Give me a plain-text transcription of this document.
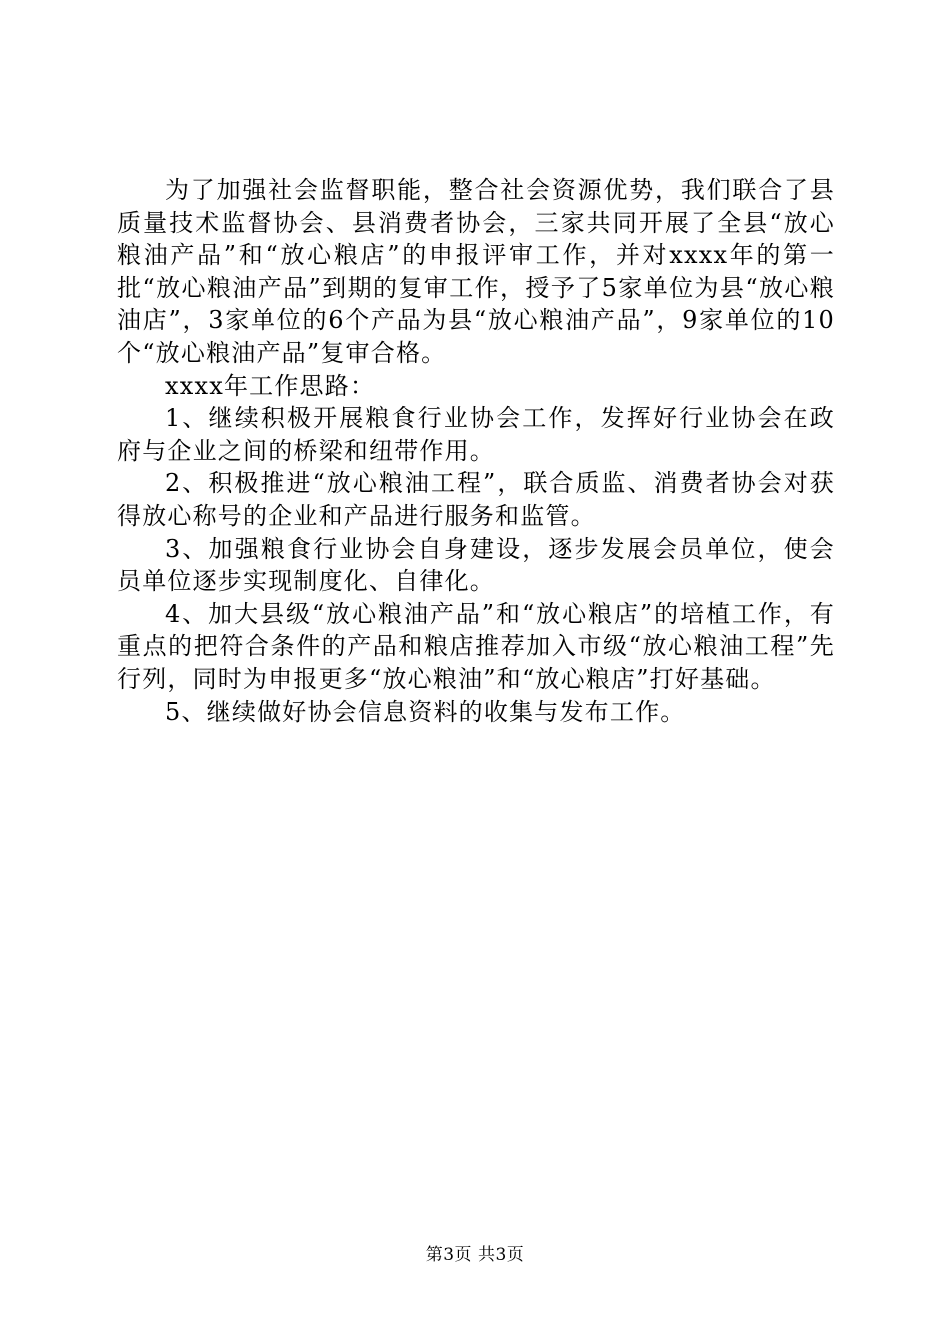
为了加强社会监督职能，整合社会资源优势，我们联合了县质量技术监督协会、县消费者协会，三家共同开展了全县“放心粮油产品”和“放心粮店”的申报评审工作，并对xxxx年的第一批“放心粮油产品”到期的复审工作，授予了5家单位为县“放心粮油店”，3家单位的6个产品为县“放心粮油产品”，9家单位的10个“放心粮油产品”复审合格。

xxxx年工作思路：

1、继续积极开展粮食行业协会工作，发挥好行业协会在政府与企业之间的桥梁和纽带作用。

2、积极推进“放心粮油工程”，联合质监、消费者协会对获得放心称号的企业和产品进行服务和监管。

3、加强粮食行业协会自身建设，逐步发展会员单位，使会员单位逐步实现制度化、自律化。

4、加大县级“放心粮油产品”和“放心粮店”的培植工作，有重点的把符合条件的产品和粮店推荐加入市级“放心粮油工程”先行列，同时为申报更多“放心粮油”和“放心粮店”打好基础。

5、继续做好协会信息资料的收集与发布工作。

第3页 共3页
